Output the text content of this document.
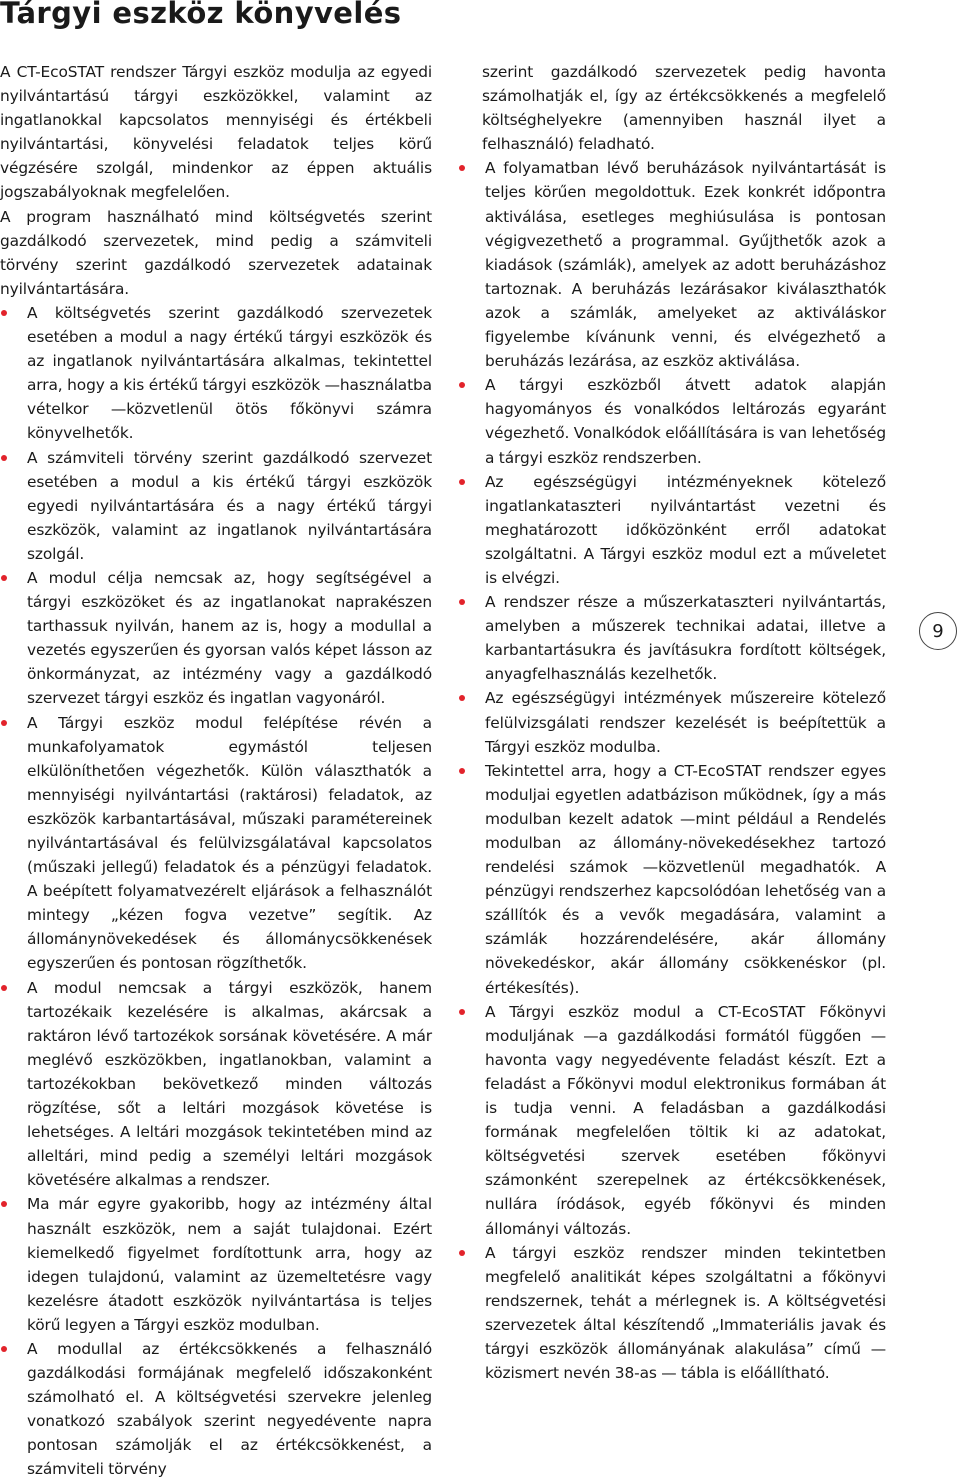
Tárgyi eszköz könyvelés

A CT-EcoSTAT rendszer Tárgyi eszköz modulja az egyedi nyilvántartású tárgyi eszközökkel, valamint az ingatlanokkal kapcsolatos mennyiségi és értékbeli nyilvántartási, könyvelési feladatok teljes körű végzésére szolgál, mindenkor az éppen aktuális jogszabályoknak megfelelően.

A program használható mind költségvetés szerint gazdálkodó szervezetek, mind pedig a számviteli törvény szerint gazdálkodó szervezetek adatainak nyilvántartására.

A költségvetés szerint gazdálkodó szervezetek esetében a modul a nagy értékű tárgyi eszközök és az ingatlanok nyilvántartására alkalmas, tekintettel arra, hogy a kis értékű tárgyi eszközök —használatba vételkor —közvetlenül ötös főkönyvi számra könyvelhetők.
A számviteli törvény szerint gazdálkodó szervezet esetében a modul a kis értékű tárgyi eszközök egyedi nyilvántartására és a nagy értékű tárgyi eszközök, valamint az ingatlanok nyilvántartására szolgál.
A modul célja nemcsak az, hogy segítségével a tárgyi eszközöket és az ingatlanokat naprakészen tarthassuk nyilván, hanem az is, hogy a modullal a vezetés egyszerűen és gyorsan valós képet lásson az önkormányzat, az intézmény vagy a gazdálkodó szervezet tárgyi eszköz és ingatlan vagyonáról.
A Tárgyi eszköz modul felépítése révén a munkafolyamatok egymástól teljesen elkülöníthetően végezhetők. Külön választhatók a mennyiségi nyilvántartási (raktárosi) feladatok, az eszközök karbantartásával, műszaki paramétereinek nyilvántartásával és felülvizsgálatával kapcsolatos (műszaki jellegű) feladatok és a pénzügyi feladatok. A beépített folyamatvezérelt eljárások a felhasználót mintegy „kézen fogva vezetve” segítik. Az állománynövekedések és állománycsökkenések egyszerűen és pontosan rögzíthetők.
A modul nemcsak a tárgyi eszközök, hanem tartozékaik kezelésére is alkalmas, akárcsak a raktáron lévő tartozékok sorsának követésére. A már meglévő eszközökben, ingatlanokban, valamint a tartozékokban bekövetkező minden változás rögzítése, sőt a leltári mozgások követése is lehetséges. A leltári mozgások tekintetében mind az alleltári, mind pedig a személyi leltári mozgások követésére alkalmas a rendszer.
Ma már egyre gyakoribb, hogy az intézmény által használt eszközök, nem a saját tulajdonai. Ezért kiemelkedő figyelmet fordítottunk arra, hogy az idegen tulajdonú, valamint az üzemeltetésre vagy kezelésre átadott eszközök nyilvántartása is teljes körű legyen a Tárgyi eszköz modulban.
A modullal az értékcsökkenés a felhasználó gazdálkodási formájának megfelelő időszakonként számolható el. A költségvetési szervekre jelenleg vonatkozó szabályok szerint negyedévente napra pontosan számolják el az értékcsökkenést, a számviteli törvény
szerint gazdálkodó szervezetek pedig havonta számolhatják el, így az értékcsökkenés a megfelelő költséghelyekre (amennyiben használ ilyet a felhasználó) feladható.
A folyamatban lévő beruházások nyilvántartását is teljes körűen megoldottuk. Ezek konkrét időpontra aktiválása, esetleges meghiúsulása is pontosan végigvezethető a programmal. Gyűjthetők azok a kiadások (számlák), amelyek az adott beruházáshoz tartoznak. A beruházás lezárásakor kiválaszthatók azok a számlák, amelyeket az aktiváláskor figyelembe kívánunk venni, és elvégezhető a beruházás lezárása, az eszköz aktiválása.
A tárgyi eszközből átvett adatok alapján hagyományos és vonalkódos leltározás egyaránt végezhető. Vonalkódok előállítására is van lehetőség a tárgyi eszköz rendszerben.
Az egészségügyi intézményeknek kötelező ingatlankataszteri nyilvántartást vezetni és meghatározott időközönként erről adatokat szolgáltatni. A Tárgyi eszköz modul ezt a műveletet is elvégzi.
A rendszer része a műszerkataszteri nyilvántartás, amelyben a műszerek technikai adatai, illetve a karbantartásukra és javításukra fordított költségek, anyagfelhasználás kezelhetők.
Az egészségügyi intézmények műszereire kötelező felülvizsgálati rendszer kezelését is beépítettük a Tárgyi eszköz modulba.
Tekintettel arra, hogy a CT-EcoSTAT rendszer egyes moduljai egyetlen adatbázison működnek, így a más modulban kezelt adatok —mint például a Rendelés modulban az állomány-növekedésekhez tartozó rendelési számok —közvetlenül megadhatók. A pénzügyi rendszerhez kapcsolódóan lehetőség van a szállítók és a vevők megadására, valamint a számlák hozzárendelésére, akár állomány növekedéskor, akár állomány csökkenéskor (pl. értékesítés).
A Tárgyi eszköz modul a CT-EcoSTAT Főkönyvi moduljának —a gazdálkodási formától függően —havonta vagy negyedévente feladást készít. Ezt a feladást a Főkönyvi modul elektronikus formában át is tudja venni. A feladásban a gazdálkodási formának megfelelően töltik ki az adatokat, költségvetési szervek esetében főkönyvi számonként szerepelnek az értékcsökkenések, nullára íródások, egyéb főkönyvi és minden állományi változás.
A tárgyi eszköz rendszer minden tekintetben megfelelő analitikát képes szolgáltatni a főkönyvi rendszernek, tehát a mérlegnek is. A költségvetési szervezetek által készítendő „Immateriális javak és tárgyi eszközök állományának alakulása” című — közismert nevén 38-as — tábla is előállítható.
9
